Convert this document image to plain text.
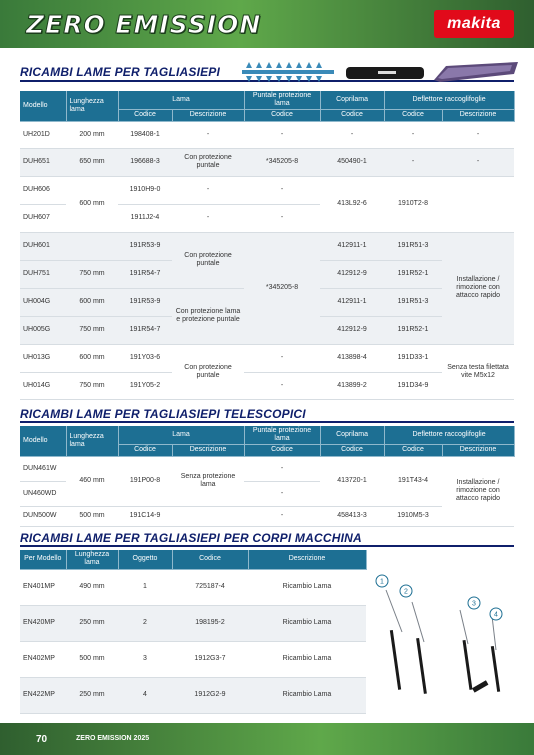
ZERO EMISSION	makita
RICAMBI LAME PER TAGLIASIEPI
Modello	Lunghezza lama	Lama		Puntale protezione lama	Coprilama	Deflettore raccoglifoglie	
		Codice	Descrizione	Codice	Codice	Codice	Descrizione
UH201D	200 mm	198408-1	-	-	-	-	-
DUH651	650 mm	196688-3	Con protezione puntale	*345205-8	450490-1	-	-
DUH606	600 mm	1910H9-0	-	-	413L92-6	1910T2-8	
DUH607		1911J2-4	-	-			
DUH601		191R53-9	Con protezione puntale	*345205-8	412911-1	191R51-3	Installazione / rimozione con attacco rapido
DUH751	750 mm	191R54-7			412912-9	191R52-1	
UH004G	600 mm	191R53-9	Con protezione lama e protezione puntale		412911-1	191R51-3	
UH005G	750 mm	191R54-7			412912-9	191R52-1	
UH013G	600 mm	191Y03-6	Con protezione puntale	-	413898-4	191D33-1	Senza testa filettata vite M5x12
UH014G	750 mm	191Y05-2		-	413899-2	191D34-9	
RICAMBI LAME PER TAGLIASIEPI TELESCOPICI
Modello	Lunghezza lama	Lama		Puntale protezione lama	Coprilama	Deflettore raccoglifoglie	
		Codice	Descrizione	Codice	Codice	Codice	Descrizione
DUN461W	460 mm	191P00-8	Senza protezione lama	-	413720-1	191T43-4	Installazione / rimozione con attacco rapido
UN460WD				-			
DUN500W	500 mm	191C14-9		-	458413-3	1910M5-3	
RICAMBI LAME PER TAGLIASIEPI PER CORPI MACCHINA
Per Modello	Lunghezza lama	Oggetto	Codice	Descrizione
EN401MP	490 mm	1	725187-4	Ricambio Lama
EN420MP	250 mm	2	198195-2	Ricambio Lama
EN402MP	500 mm	3	1912G3-7	Ricambio Lama
EN422MP	250 mm	4	1912G2-9	Ricambio Lama
1
2
3
4
70	ZERO EMISSION 2025
